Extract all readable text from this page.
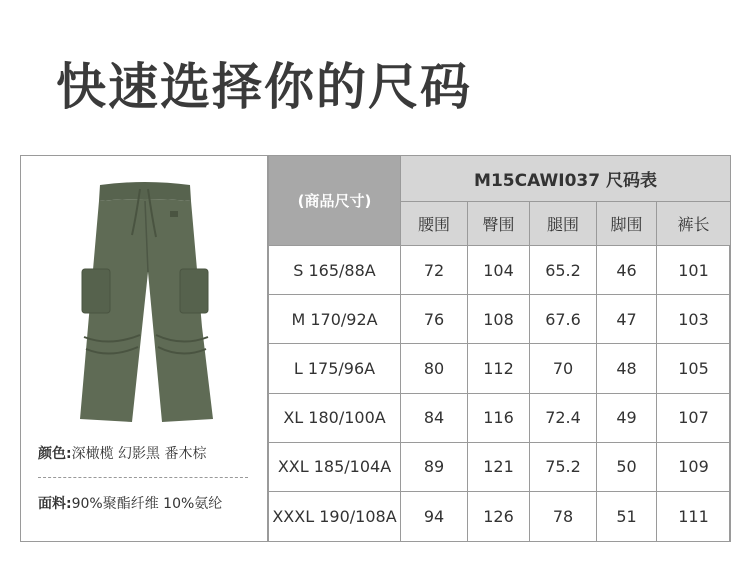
快速选择你的尺码
颜色:深橄榄 幻影黑 番木棕
面料:90%聚酯纤维 10%氨纶
(商品尺寸)	M15CAWI037 尺码表				
	腰围	臀围	腿围	脚围	裤长
S 165/88A	72	104	65.2	46	101
M 170/92A	76	108	67.6	47	103
L 175/96A	80	112	70	48	105
XL 180/100A	84	116	72.4	49	107
XXL 185/104A	89	121	75.2	50	109
XXXL 190/108A	94	126	78	51	111
